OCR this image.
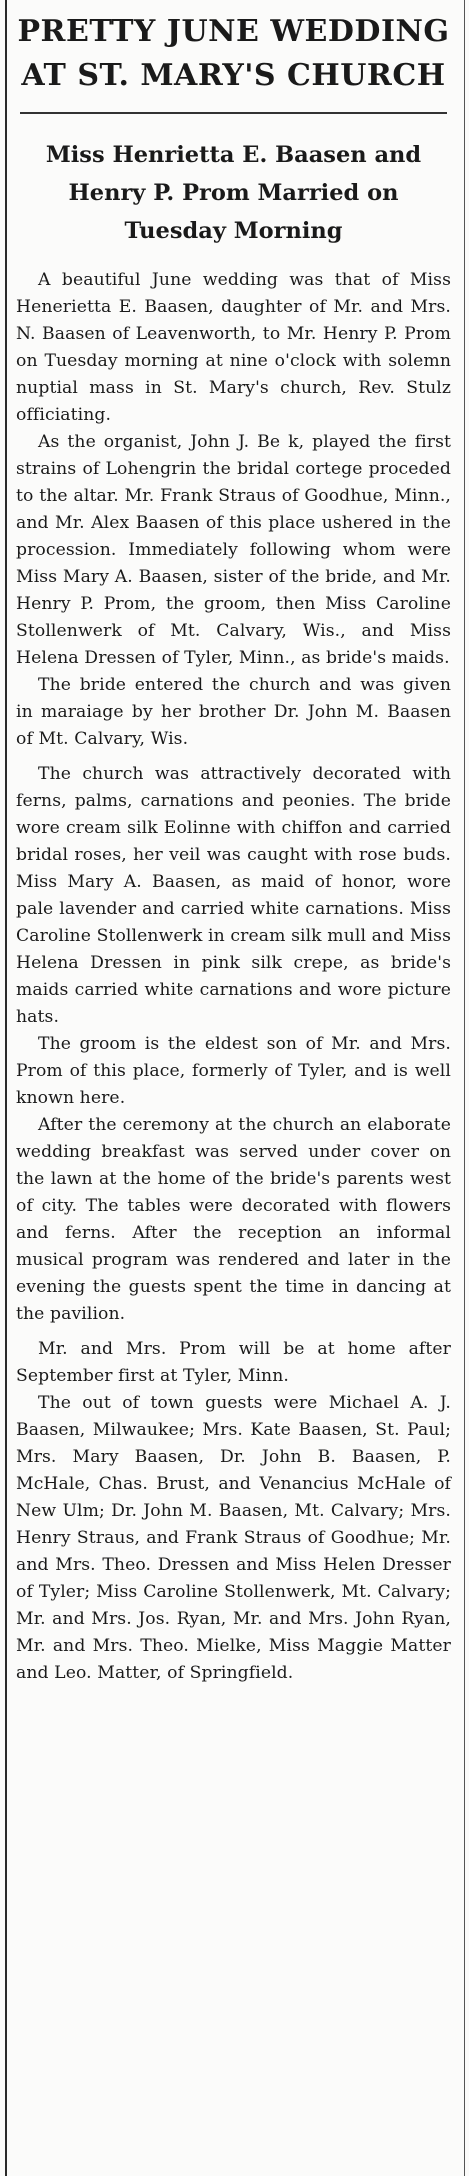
PRETTY JUNE WEDDING
AT ST. MARY'S CHURCH
Miss Henrietta E. Baasen and
Henry P. Prom Married on
Tuesday Morning

A beautiful June wedding was that of Miss Henerietta E. Baasen, daughter of Mr. and Mrs. N. Baasen of Leavenworth, to Mr. Henry P. Prom on Tuesday morning at nine o'clock with solemn nuptial mass in St. Mary's church, Rev. Stulz officiating.

As the organist, John J. Be k, played the first strains of Lohengrin the bridal cortege proceded to the altar. Mr. Frank Straus of Goodhue, Minn., and Mr. Alex Baasen of this place ushered in the procession. Immediately following whom were Miss Mary A. Baasen, sister of the bride, and Mr. Henry P. Prom, the groom, then Miss Caroline Stollenwerk of Mt. Calvary, Wis., and Miss Helena Dressen of Tyler, Minn., as bride's maids.

The bride entered the church and was given in maraiage by her brother Dr. John M. Baasen of Mt. Calvary, Wis.

The church was attractively decorated with ferns, palms, carnations and peonies. The bride wore cream silk Eolinne with chiffon and carried bridal roses, her veil was caught with rose buds. Miss Mary A. Baasen, as maid of honor, wore pale lavender and carried white carnations. Miss Caroline Stollenwerk in cream silk mull and Miss Helena Dressen in pink silk crepe, as bride's maids carried white carnations and wore picture hats.

The groom is the eldest son of Mr. and Mrs. Prom of this place, formerly of Tyler, and is well known here.

After the ceremony at the church an elaborate wedding breakfast was served under cover on the lawn at the home of the bride's parents west of city. The tables were decorated with flowers and ferns. After the reception an informal musical program was rendered and later in the evening the guests spent the time in dancing at the pavilion.

Mr. and Mrs. Prom will be at home after September first at Tyler, Minn.

The out of town guests were Michael A. J. Baasen, Milwaukee; Mrs. Kate Baasen, St. Paul; Mrs. Mary Baasen, Dr. John B. Baasen, P. McHale, Chas. Brust, and Venancius McHale of New Ulm; Dr. John M. Baasen, Mt. Calvary; Mrs. Henry Straus, and Frank Straus of Goodhue; Mr. and Mrs. Theo. Dressen and Miss Helen Dresser of Tyler; Miss Caroline Stollenwerk, Mt. Calvary; Mr. and Mrs. Jos. Ryan, Mr. and Mrs. John Ryan, Mr. and Mrs. Theo. Mielke, Miss Maggie Matter and Leo. Matter, of Springfield.
